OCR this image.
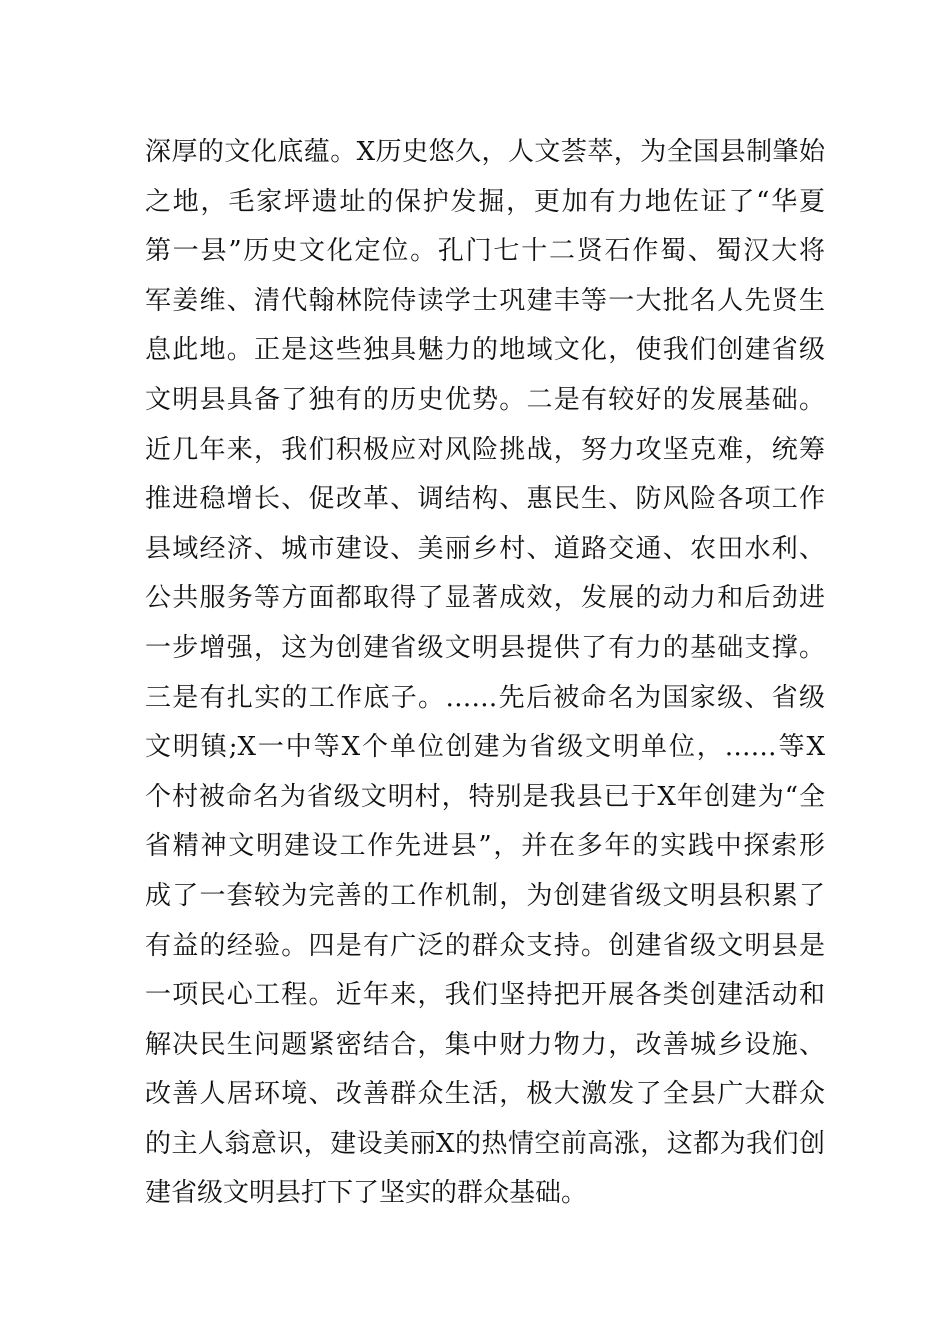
深厚的文化底蕴。X历史悠久，人文荟萃，为全国县制肇始
之地，毛家坪遗址的保护发掘，更加有力地佐证了“华夏
第一县”历史文化定位。孔门七十二贤石作蜀、蜀汉大将
军姜维、清代翰林院侍读学士巩建丰等一大批名人先贤生
息此地。正是这些独具魅力的地域文化，使我们创建省级
文明县具备了独有的历史优势。二是有较好的发展基础。
近几年来，我们积极应对风险挑战，努力攻坚克难，统筹
推进稳增长、促改革、调结构、惠民生、防风险各项工作
县域经济、城市建设、美丽乡村、道路交通、农田水利、
公共服务等方面都取得了显著成效，发展的动力和后劲进
一步增强，这为创建省级文明县提供了有力的基础支撑。
三是有扎实的工作底子。……先后被命名为国家级、省级
文明镇;X一中等X个单位创建为省级文明单位，……等X
个村被命名为省级文明村，特别是我县已于X年创建为“全
省精神文明建设工作先进县”，并在多年的实践中探索形
成了一套较为完善的工作机制，为创建省级文明县积累了
有益的经验。四是有广泛的群众支持。创建省级文明县是
一项民心工程。近年来，我们坚持把开展各类创建活动和
解决民生问题紧密结合，集中财力物力，改善城乡设施、
改善人居环境、改善群众生活，极大激发了全县广大群众
的主人翁意识，建设美丽X的热情空前高涨，这都为我们创
建省级文明县打下了坚实的群众基础。
